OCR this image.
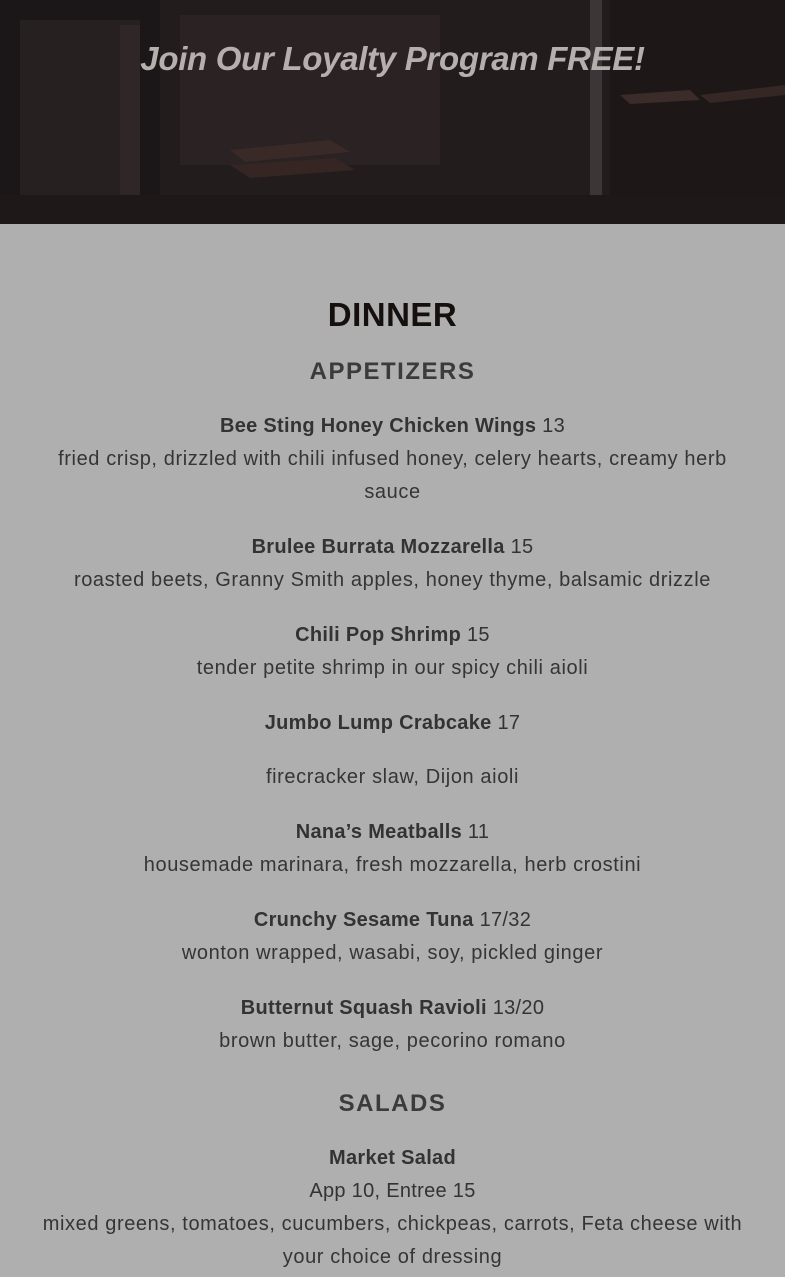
Join Our Loyalty Program FREE!
DINNER
APPETIZERS
Bee Sting Honey Chicken Wings 13
fried crisp, drizzled with chili infused honey, celery hearts, creamy herb sauce
Brulee Burrata Mozzarella 15
roasted beets, Granny Smith apples, honey thyme, balsamic drizzle
Chili Pop Shrimp 15
tender petite shrimp in our spicy chili aioli
Jumbo Lump Crabcake 17
firecracker slaw, Dijon aioli
Nana’s Meatballs 11
housemade marinara, fresh mozzarella, herb crostini
Crunchy Sesame Tuna 17/32
wonton wrapped, wasabi, soy, pickled ginger
Butternut Squash Ravioli 13/20
brown butter, sage, pecorino romano
SALADS
Market Salad
App 10, Entree 15
mixed greens, tomatoes, cucumbers, chickpeas, carrots, Feta cheese with your choice of dressing
